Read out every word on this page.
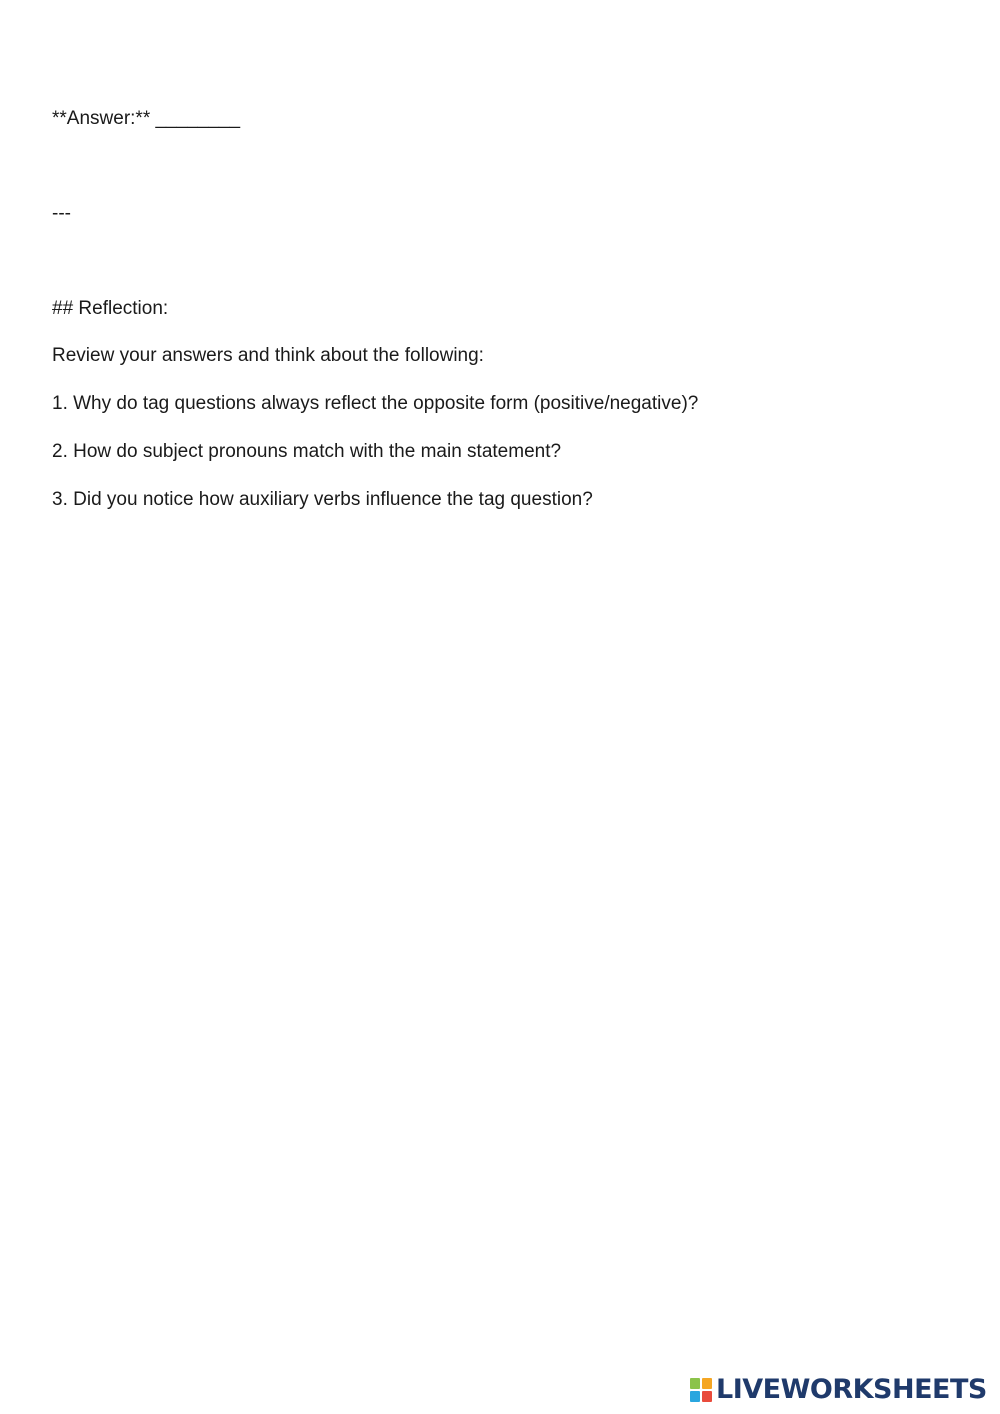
**Answer:** ________

---

## Reflection:

Review your answers and think about the following:

1. Why do tag questions always reflect the opposite form (positive/negative)?

2. How do subject pronouns match with the main statement?

3. Did you notice how auxiliary verbs influence the tag question?

LIVEWORKSHEETS
